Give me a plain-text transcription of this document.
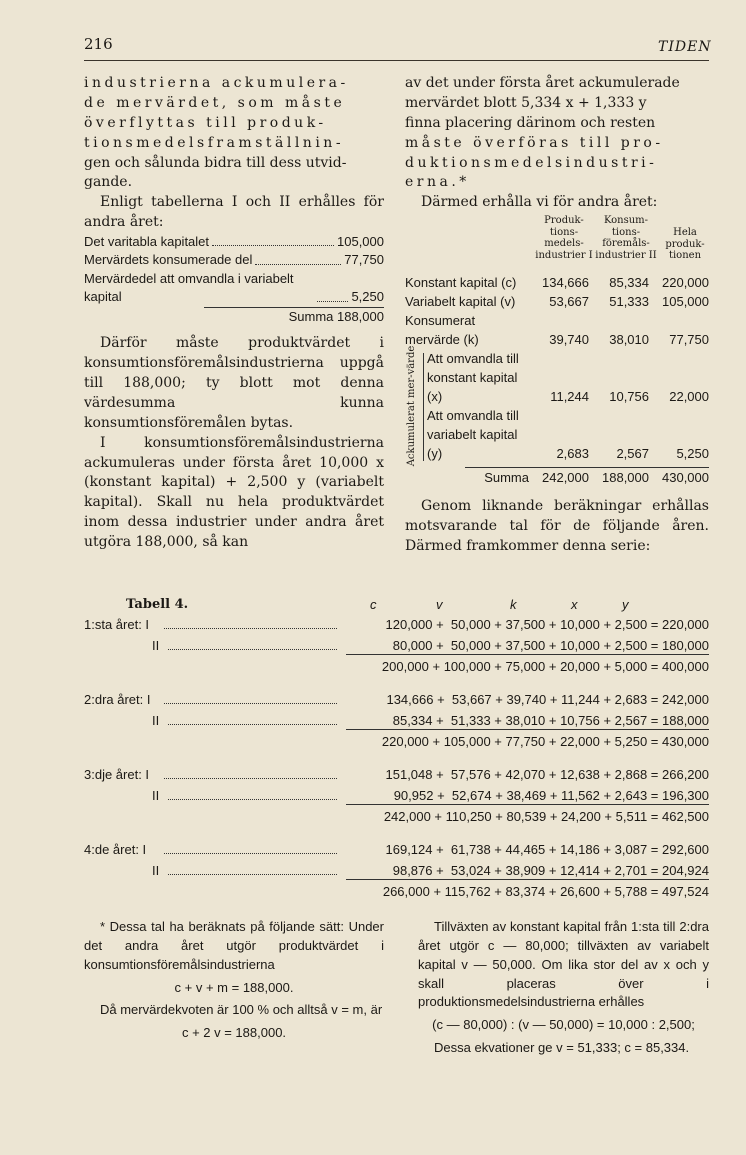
216	TIDEN
industrierna ackumulera-
de mervärdet, som måste
överflyttas till produk-
tionsmedelsframställnin-
gen och sålunda bidra till dess utvid-
gande.

Enligt tabellerna I och II erhålles för andra året:

Det varitabla kapitalet	105,000
Mervärdets konsumerade del	77,750
Mervärdedel att omvandla i variabelt kapital	5,250
Summa 188,000

Därför måste produktvärdet i konsumtionsföremålsindustrierna uppgå till 188,000; ty blott mot denna värdesumma kunna konsumtionsföremålen bytas.

I konsumtionsföremålsindustrierna ackumuleras under första året 10,000 x (konstant kapital) + 2,500 y (variabelt kapital). Skall nu hela produktvärdet inom dessa industrier under andra året utgöra 188,000, så kan

av det under första året ackumulerade
mervärdet blott 5,334 x + 1,333 y
finna placering därinom och resten
måste överföras till pro-
duktionsmedelsindustri-
erna.*

Därmed erhålla vi för andra året:

Produk-tions-medels-industrier I
Konsum-tions-föremåls-industrier II
Hela produk-tionen
Konstant kapital (c)	134,666	85,334	220,000
Variabelt kapital (v)	53,667	51,333	105,000
Konsumerat mervärde (k)	39,740	38,010	77,750
Ackumulerat mer-värde Att omvandla till konstant kapital (x)	11,244	10,756	22,000
Att omvandla till variabelt kapital (y)	2,683	2,567	5,250
Summa	242,000	188,000	430,000

Genom liknande beräkningar erhållas motsvarande tal för de följande åren. Därmed framkommer denna serie:

Tabell 4.	c	v	k	x	y
1:sta året: I	120,000 +  50,000 + 37,500 + 10,000 + 2,500 = 220,000
II	80,000 +  50,000 + 37,500 + 10,000 + 2,500 = 180,000
200,000 + 100,000 + 75,000 + 20,000 + 5,000 = 400,000
2:dra året: I	134,666 +  53,667 + 39,740 + 11,244 + 2,683 = 242,000
II	85,334 +  51,333 + 38,010 + 10,756 + 2,567 = 188,000
220,000 + 105,000 + 77,750 + 22,000 + 5,250 = 430,000
3:dje året: I	151,048 +  57,576 + 42,070 + 12,638 + 2,868 = 266,200
II	90,952 +  52,674 + 38,469 + 11,562 + 2,643 = 196,300
242,000 + 110,250 + 80,539 + 24,200 + 5,511 = 462,500
4:de året: I	169,124 +  61,738 + 44,465 + 14,186 + 3,087 = 292,600
II	98,876 +  53,024 + 38,909 + 12,414 + 2,701 = 204,924
266,000 + 115,762 + 83,374 + 26,600 + 5,788 = 497,524

* Dessa tal ha beräknats på följande sätt: Under det andra året utgör produktvärdet i konsumtionsföremålsindustrierna

c + v + m = 188,000.

Då mervärdekvoten är 100 % och alltså v = m, är

c + 2 v = 188,000.

Tillväxten av konstant kapital från 1:sta till 2:dra året utgör c — 80,000; tillväxten av variabelt kapital v — 50,000. Om lika stor del av x och y skall placeras över i produktionsmedelsindustrierna erhålles

(c — 80,000) : (v — 50,000) = 10,000 : 2,500;

Dessa ekvationer ge v = 51,333; c = 85,334.
